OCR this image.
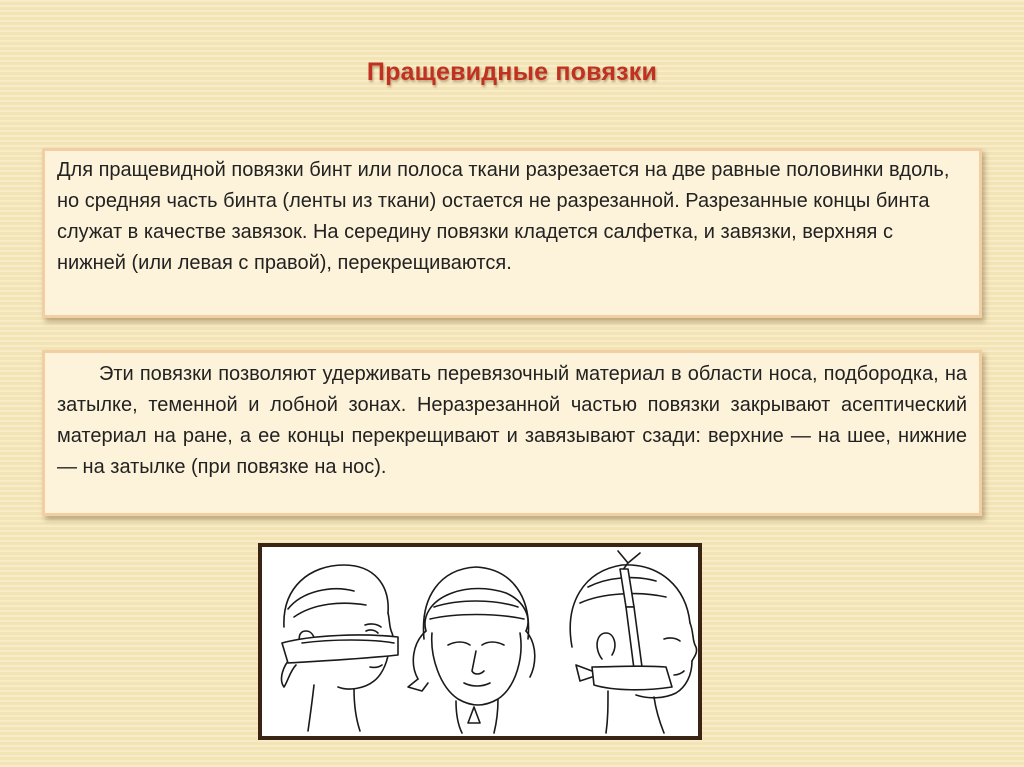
Пращевидные повязки
Для пращевидной повязки бинт или полоса ткани разрезается на две равные половинки вдоль, но средняя часть бинта (ленты из ткани) остается не разрезанной. Разрезанные концы бинта служат в качестве завязок. На середину повязки кладется салфетка, и завязки, верхняя с нижней (или левая с правой), перекрещиваются.
Эти повязки позволяют удерживать перевязочный материал в области носа, подбородка, на затылке, теменной и лобной зонах. Неразрезанной частью повязки закрывают асептический материал на ране, а ее концы перекрещивают и завязывают сзади: верхние — на шее, нижние — на затылке (при повязке на нос).
